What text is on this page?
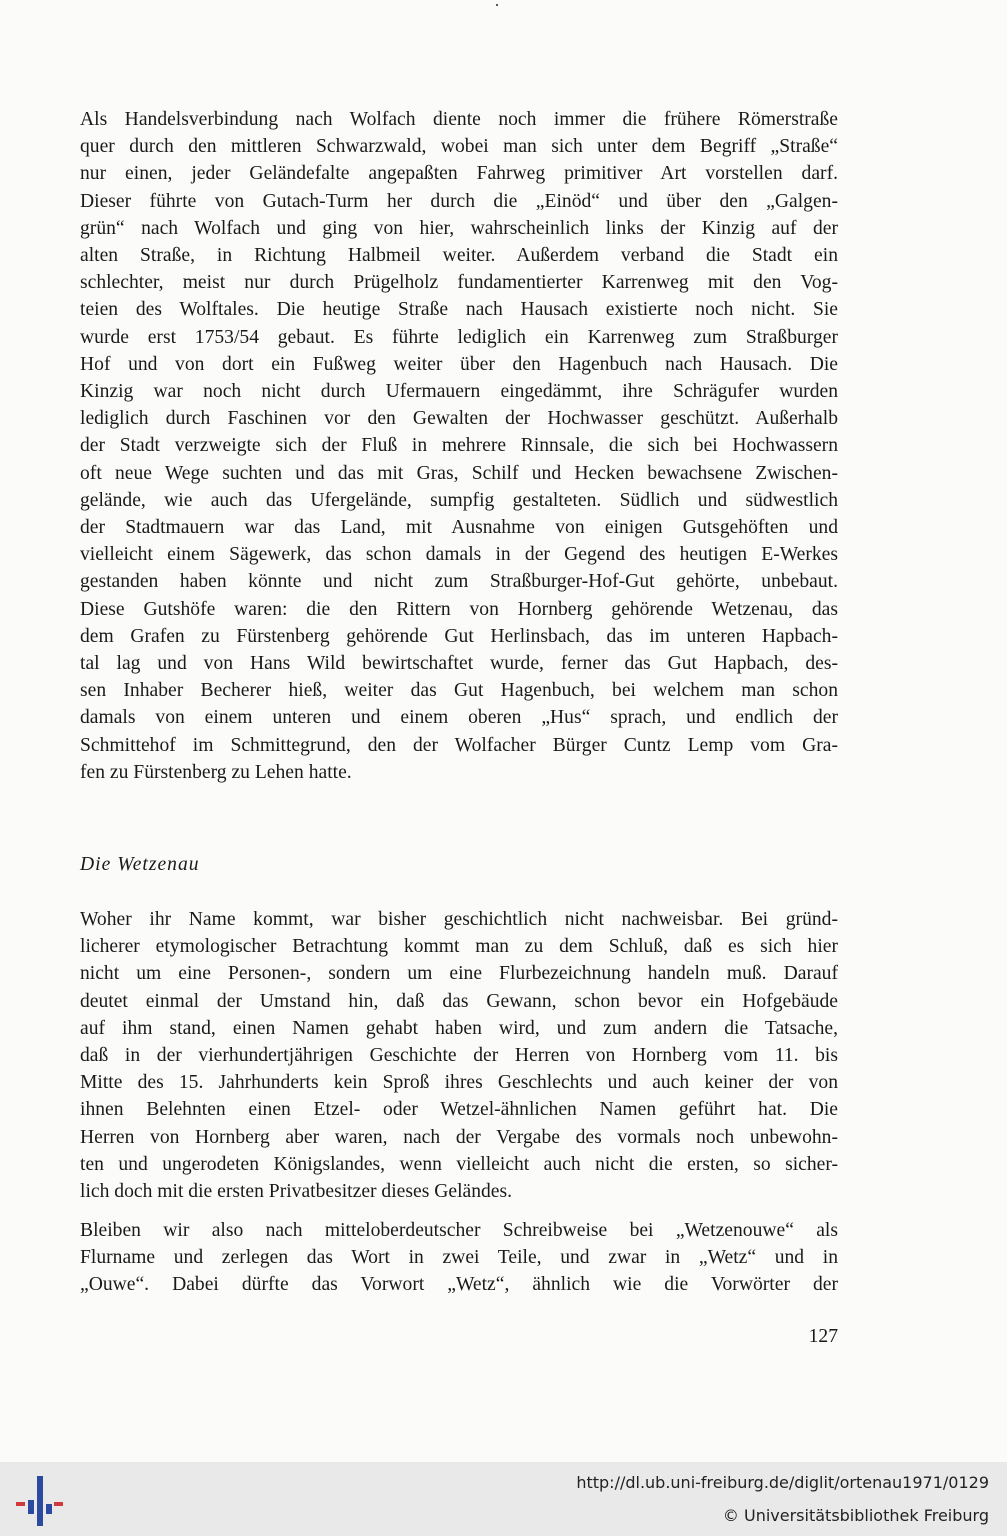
Als Handelsverbindung nach Wolfach diente noch immer die frühere Römerstraße
quer durch den mittleren Schwarzwald, wobei man sich unter dem Begriff „Straße“
nur einen, jeder Geländefalte angepaßten Fahrweg primitiver Art vorstellen darf.
Dieser führte von Gutach-Turm her durch die „Einöd“ und über den „Galgen-
grün“ nach Wolfach und ging von hier, wahrscheinlich links der Kinzig auf der
alten Straße, in Richtung Halbmeil weiter. Außerdem verband die Stadt ein
schlechter, meist nur durch Prügelholz fundamentierter Karrenweg mit den Vog-
teien des Wolftales. Die heutige Straße nach Hausach existierte noch nicht. Sie
wurde erst 1753/54 gebaut. Es führte lediglich ein Karrenweg zum Straßburger
Hof und von dort ein Fußweg weiter über den Hagenbuch nach Hausach. Die
Kinzig war noch nicht durch Ufermauern eingedämmt, ihre Schrägufer wurden
lediglich durch Faschinen vor den Gewalten der Hochwasser geschützt. Außerhalb
der Stadt verzweigte sich der Fluß in mehrere Rinnsale, die sich bei Hochwassern
oft neue Wege suchten und das mit Gras, Schilf und Hecken bewachsene Zwischen-
gelände, wie auch das Ufergelände, sumpfig gestalteten. Südlich und südwestlich
der Stadtmauern war das Land, mit Ausnahme von einigen Gutsgehöften und
vielleicht einem Sägewerk, das schon damals in der Gegend des heutigen E-Werkes
gestanden haben könnte und nicht zum Straßburger-Hof-Gut gehörte, unbebaut.
Diese Gutshöfe waren: die den Rittern von Hornberg gehörende Wetzenau, das
dem Grafen zu Fürstenberg gehörende Gut Herlinsbach, das im unteren Hapbach-
tal lag und von Hans Wild bewirtschaftet wurde, ferner das Gut Hapbach, des-
sen Inhaber Becherer hieß, weiter das Gut Hagenbuch, bei welchem man schon
damals von einem unteren und einem oberen „Hus“ sprach, und endlich der
Schmittehof im Schmittegrund, den der Wolfacher Bürger Cuntz Lemp vom Gra-
fen zu Fürstenberg zu Lehen hatte.
Die Wetzenau
Woher ihr Name kommt, war bisher geschichtlich nicht nachweisbar. Bei gründ-
licherer etymologischer Betrachtung kommt man zu dem Schluß, daß es sich hier
nicht um eine Personen-, sondern um eine Flurbezeichnung handeln muß. Darauf
deutet einmal der Umstand hin, daß das Gewann, schon bevor ein Hofgebäude
auf ihm stand, einen Namen gehabt haben wird, und zum andern die Tatsache,
daß in der vierhundertjährigen Geschichte der Herren von Hornberg vom 11. bis
Mitte des 15. Jahrhunderts kein Sproß ihres Geschlechts und auch keiner der von
ihnen Belehnten einen Etzel- oder Wetzel-ähnlichen Namen geführt hat. Die
Herren von Hornberg aber waren, nach der Vergabe des vormals noch unbewohn-
ten und ungerodeten Königslandes, wenn vielleicht auch nicht die ersten, so sicher-
lich doch mit die ersten Privatbesitzer dieses Geländes.
Bleiben wir also nach mitteloberdeutscher Schreibweise bei „Wetzenouwe“ als
Flurname und zerlegen das Wort in zwei Teile, und zwar in „Wetz“ und in
„Ouwe“. Dabei dürfte das Vorwort „Wetz“, ähnlich wie die Vorwörter der
127
http://dl.ub.uni-freiburg.de/diglit/ortenau1971/0129
© Universitätsbibliothek Freiburg
